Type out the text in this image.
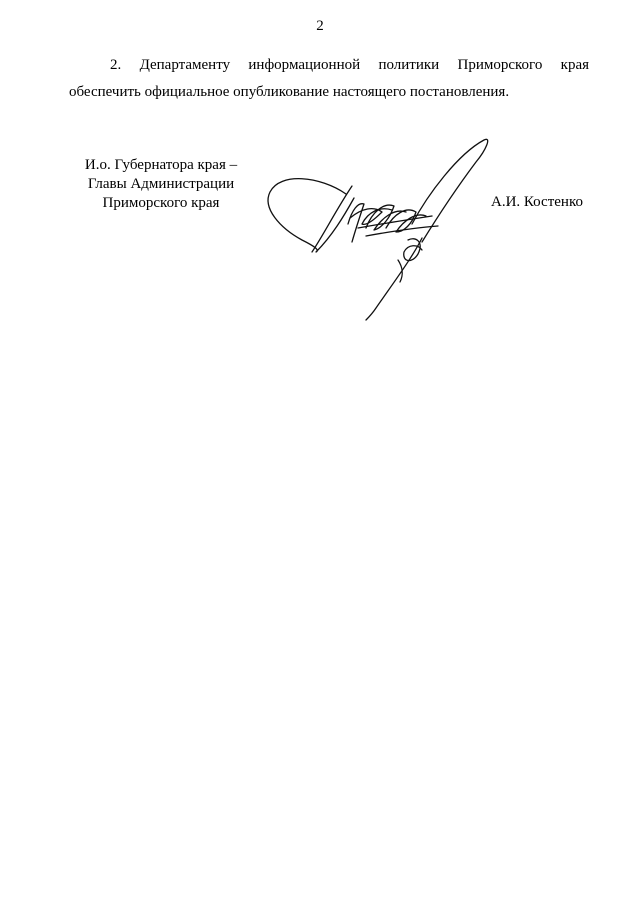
2
2. Департаменту информационной политики Приморского края
обеспечить официальное опубликование настоящего постановления.
И.о. Губернатора края –
Главы Администрации
Приморского края	А.И. Костенко
